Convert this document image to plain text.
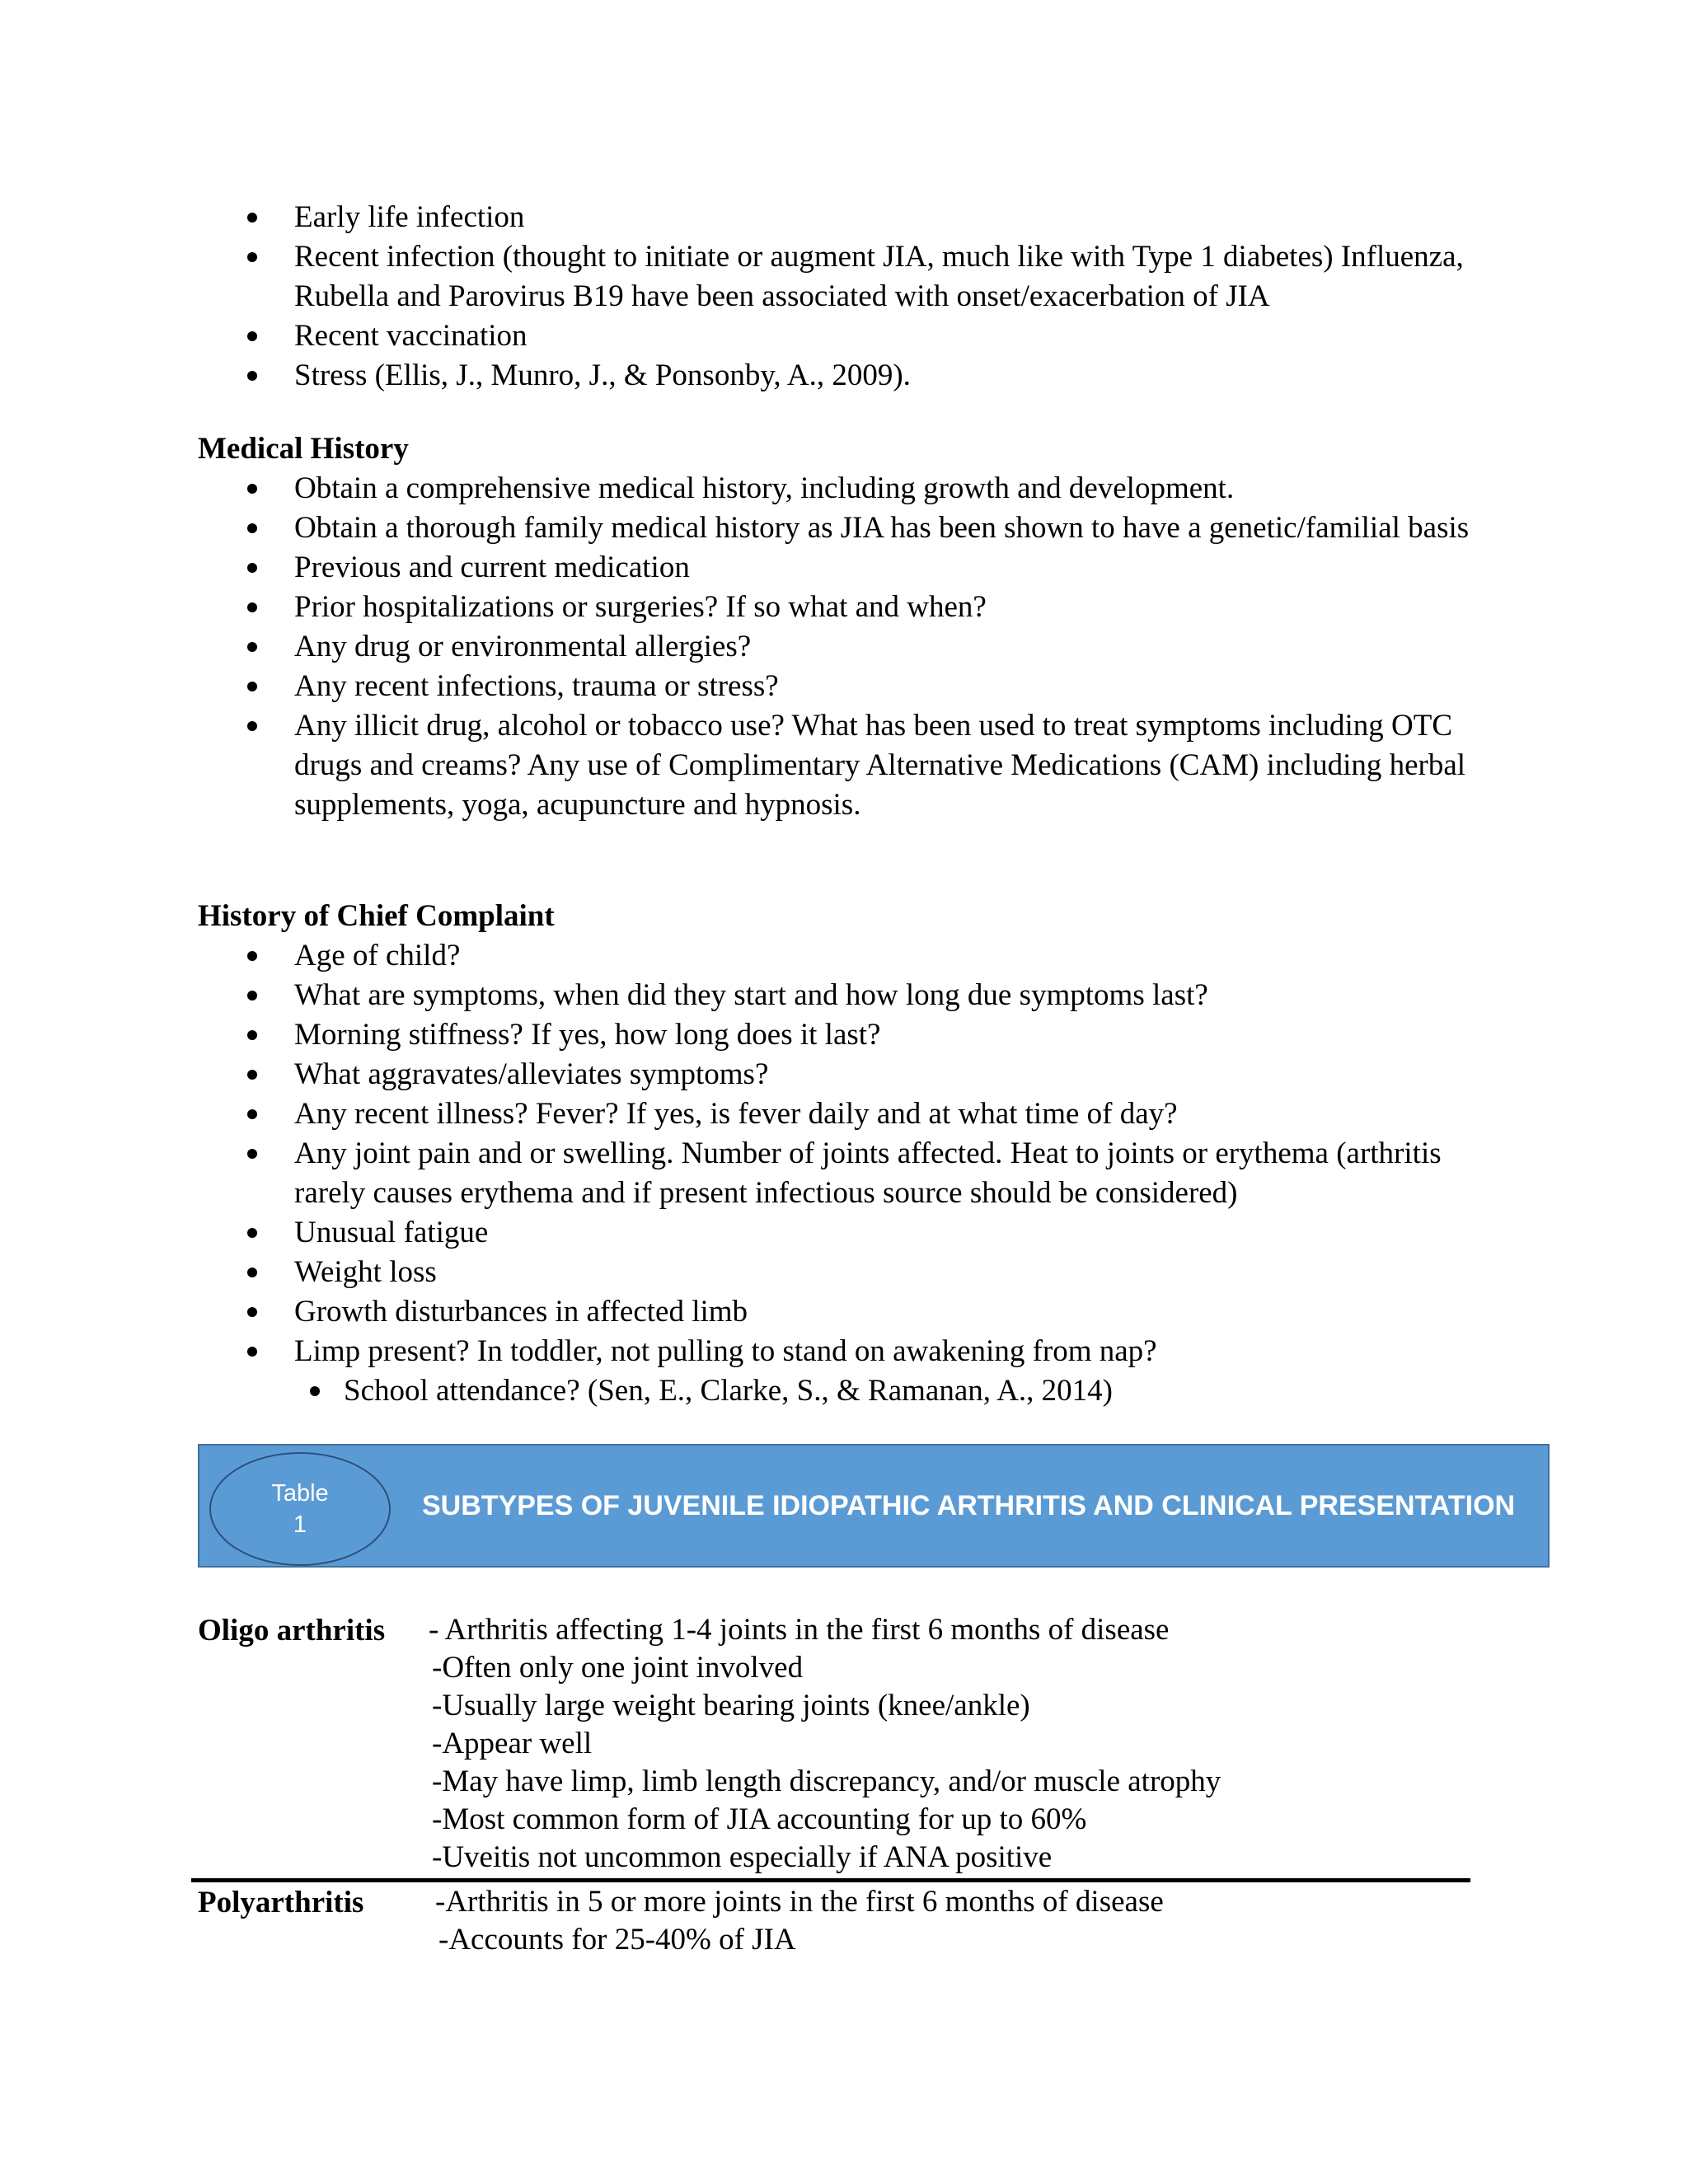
Early life infection
Recent infection (thought to initiate or augment JIA, much like with Type 1 diabetes) Influenza, Rubella and Parovirus B19 have been associated with onset/exacerbation of JIA
Recent vaccination
Stress (Ellis, J., Munro, J., & Ponsonby, A., 2009).
Medical History
Obtain a comprehensive medical history, including growth and development.
Obtain a thorough family medical history as JIA has been shown to have a genetic/familial basis
Previous and current medication
Prior hospitalizations or surgeries? If so what and when?
Any drug or environmental allergies?
Any recent infections, trauma or stress?
Any illicit drug, alcohol or tobacco use? What has been used to treat symptoms including OTC drugs and creams? Any use of Complimentary Alternative Medications (CAM) including herbal supplements, yoga, acupuncture and hypnosis.
History of Chief Complaint
Age of child?
What are symptoms, when did they start and how long due symptoms last?
Morning stiffness? If yes, how long does it last?
What aggravates/alleviates symptoms?
Any recent illness? Fever? If yes, is fever daily and at what time of day?
Any joint pain and or swelling. Number of joints affected. Heat to joints or erythema (arthritis rarely causes erythema and if present infectious source should be considered)
Unusual fatigue
Weight loss
Growth disturbances in affected limb
Limp present? In toddler, not pulling to stand on awakening from nap?
School attendance? (Sen, E., Clarke, S., & Ramanan, A., 2014)
Table
1
SUBTYPES OF JUVENILE IDIOPATHIC ARTHRITIS AND CLINICAL PRESENTATION
Oligo arthritis - Arthritis affecting 1-4 joints in the first 6 months of disease
-Often only one joint involved
-Usually large weight bearing joints (knee/ankle)
-Appear well
-May have limp, limb length discrepancy, and/or muscle atrophy
-Most common form of JIA accounting for up to 60%
-Uveitis not uncommon especially if ANA positive
Polyarthritis -Arthritis in 5 or more joints in the first 6 months of disease
-Accounts for 25-40% of JIA
